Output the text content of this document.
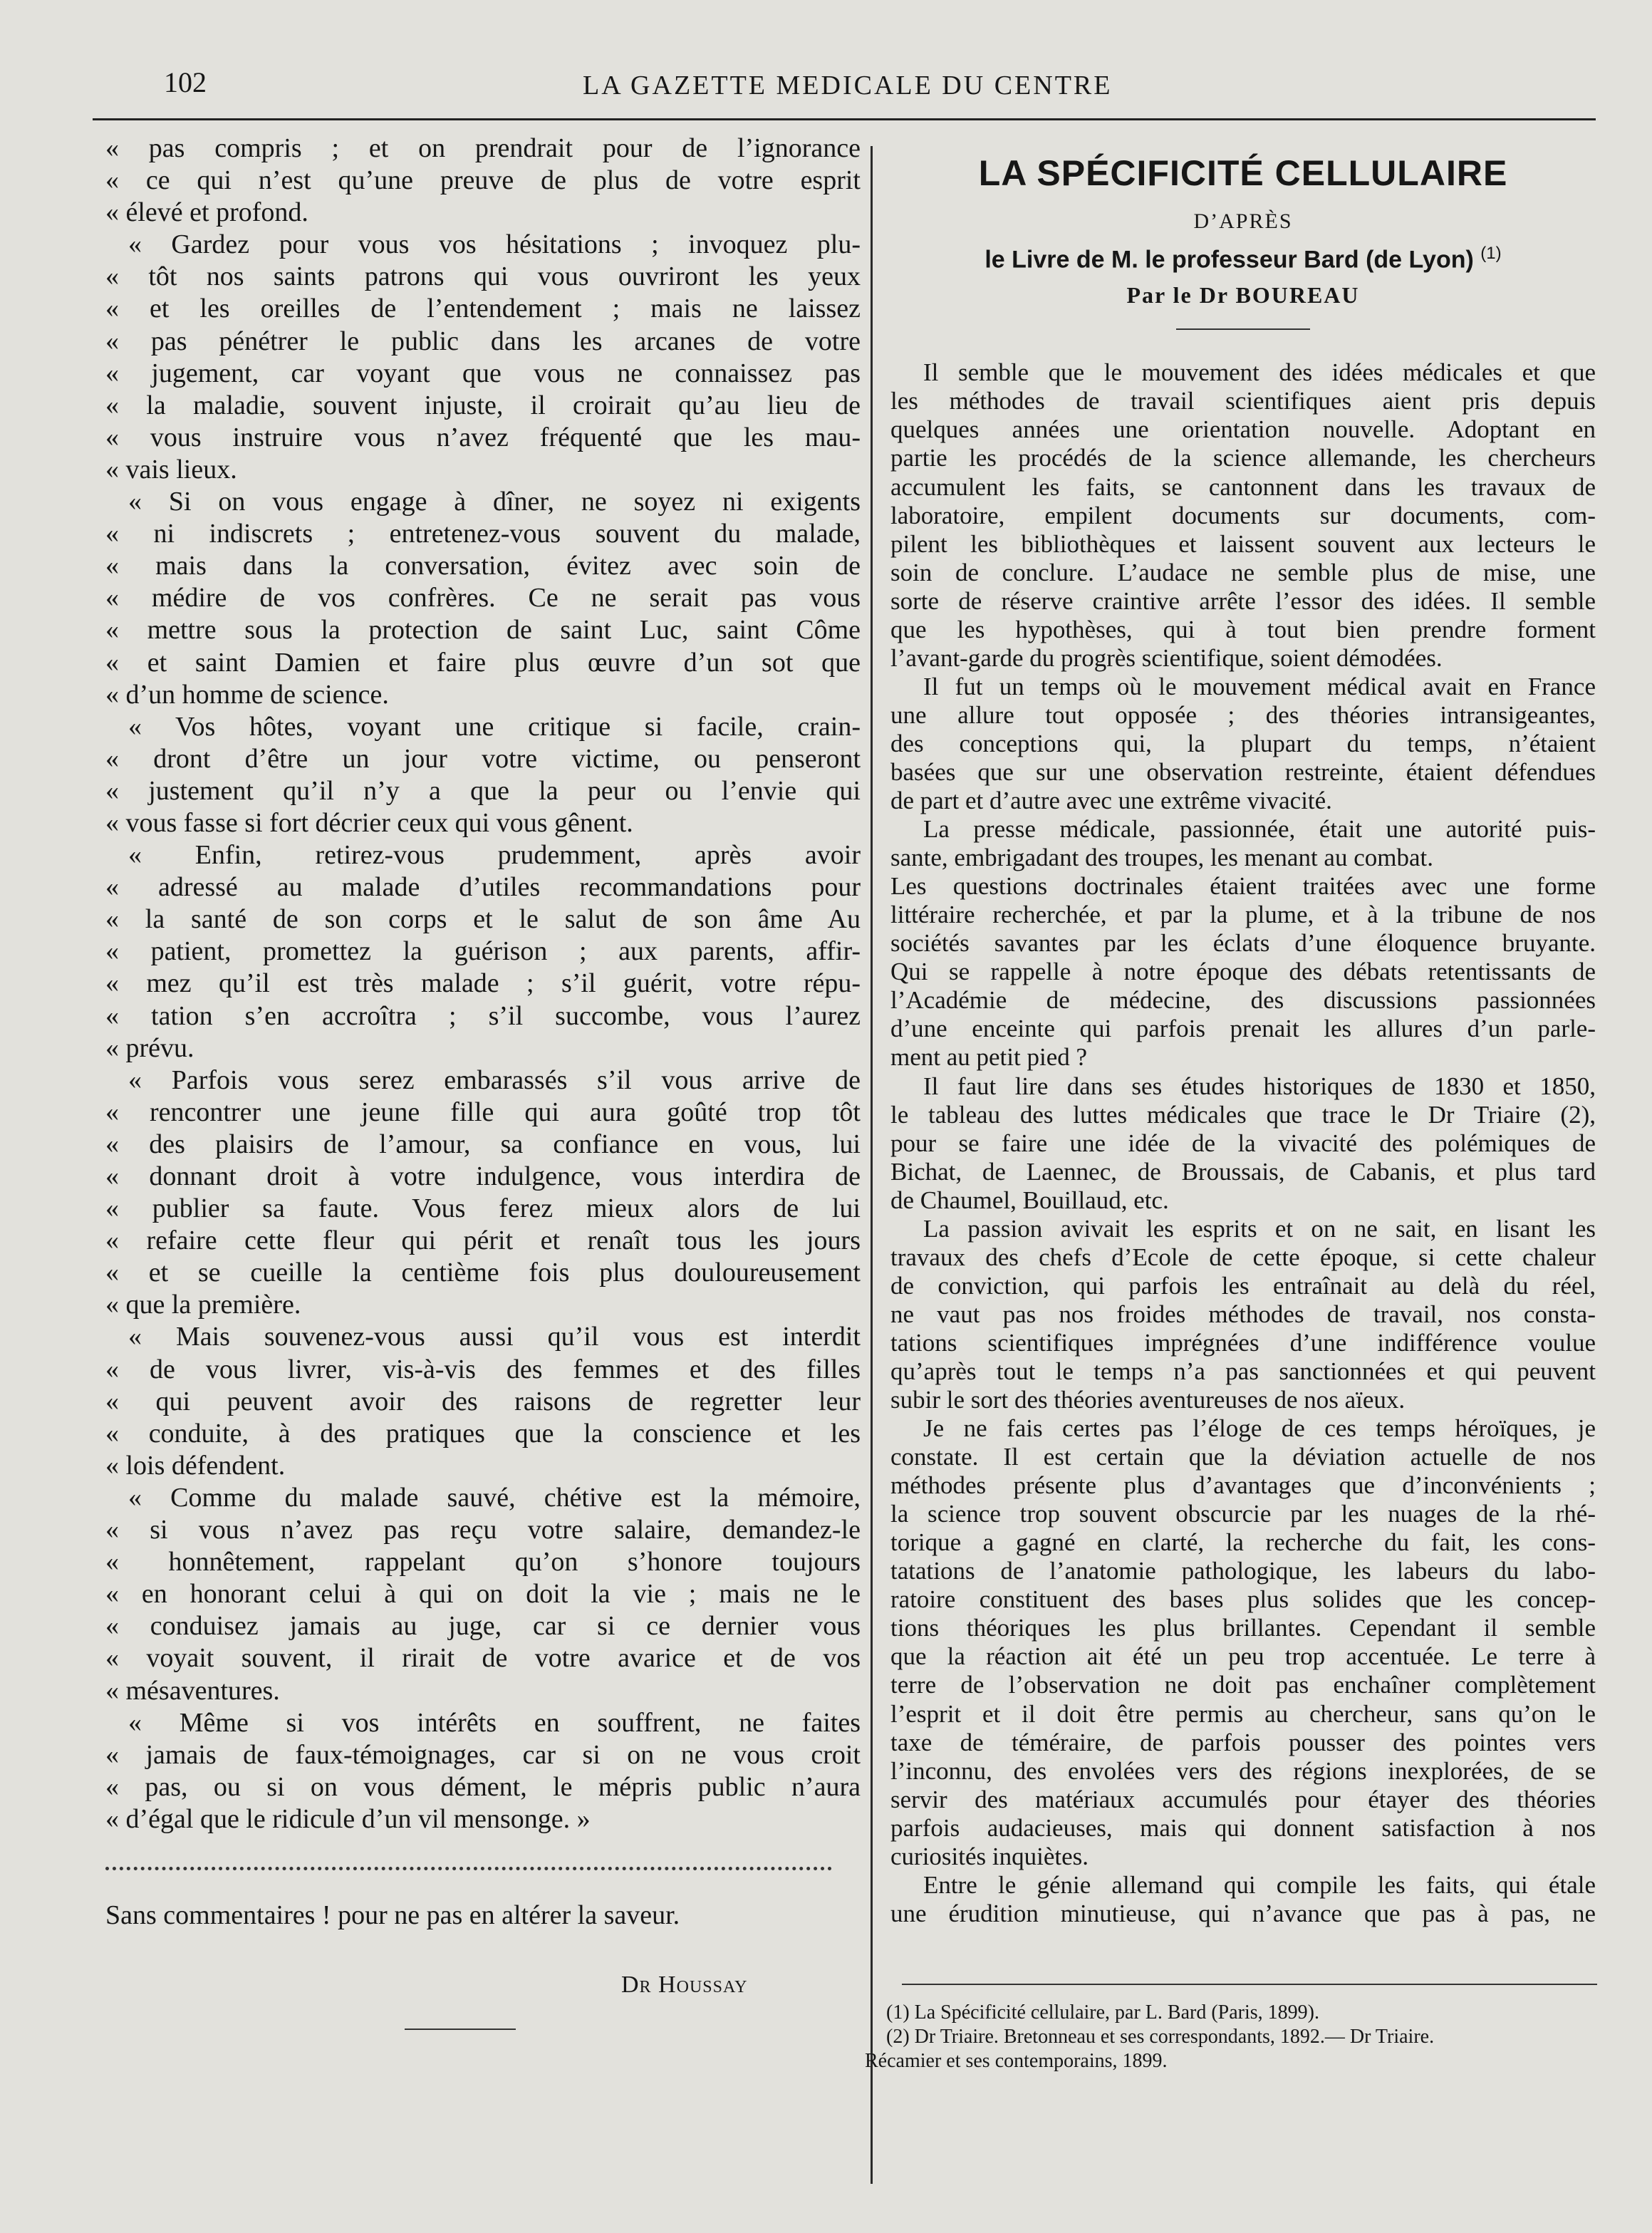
102	LA GAZETTE MEDICALE DU CENTRE
« pas compris ; et on prendrait pour de l’ignorance
« ce qui n’est qu’une preuve de plus de votre esprit
« élevé et profond.
« Gardez pour vous vos hésitations ; invoquez plu-
« tôt nos saints patrons qui vous ouvriront les yeux
« et les oreilles de l’entendement ; mais ne laissez
« pas pénétrer le public dans les arcanes de votre
« jugement, car voyant que vous ne connaissez pas
« la maladie, souvent injuste, il croirait qu’au lieu de
« vous instruire vous n’avez fréquenté que les mau-
« vais lieux.
« Si on vous engage à dîner, ne soyez ni exigents
« ni indiscrets ; entretenez-vous souvent du malade,
« mais dans la conversation, évitez avec soin de
« médire de vos confrères. Ce ne serait pas vous
« mettre sous la protection de saint Luc, saint Côme
« et saint Damien et faire plus œuvre d’un sot que
« d’un homme de science.
« Vos hôtes, voyant une critique si facile, crain-
« dront d’être un jour votre victime, ou penseront
« justement qu’il n’y a que la peur ou l’envie qui
« vous fasse si fort décrier ceux qui vous gênent.
« Enfin, retirez-vous prudemment, après avoir
« adressé au malade d’utiles recommandations pour
« la santé de son corps et le salut de son âme Au
« patient, promettez la guérison ; aux parents, affir-
« mez qu’il est très malade ; s’il guérit, votre répu-
« tation s’en accroîtra ; s’il succombe, vous l’aurez
« prévu.
« Parfois vous serez embarassés s’il vous arrive de
« rencontrer une jeune fille qui aura goûté trop tôt
« des plaisirs de l’amour, sa confiance en vous, lui
« donnant droit à votre indulgence, vous interdira de
« publier sa faute. Vous ferez mieux alors de lui
« refaire cette fleur qui périt et renaît tous les jours
« et se cueille la centième fois plus douloureusement
« que la première.
« Mais souvenez-vous aussi qu’il vous est interdit
« de vous livrer, vis-à-vis des femmes et des filles
« qui peuvent avoir des raisons de regretter leur
« conduite, à des pratiques que la conscience et les
« lois défendent.
« Comme du malade sauvé, chétive est la mémoire,
« si vous n’avez pas reçu votre salaire, demandez-le
« honnêtement, rappelant qu’on s’honore toujours
« en honorant celui à qui on doit la vie ; mais ne le
« conduisez jamais au juge, car si ce dernier vous
« voyait souvent, il rirait de votre avarice et de vos
« mésaventures.
« Même si vos intérêts en souffrent, ne faites
« jamais de faux-témoignages, car si on ne vous croit
« pas, ou si on vous dément, le mépris public n’aura
« d’égal que le ridicule d’un vil mensonge. »
Sans commentaires ! pour ne pas en altérer la saveur.
Dr Houssay
LA SPÉCIFICITÉ CELLULAIRE
D’APRÈS
le Livre de M. le professeur Bard (de Lyon) $^{(1)}$
Par le Dr BOUREAU
Il semble que le mouvement des idées médicales et que
les méthodes de travail scientifiques aient pris depuis
quelques années une orientation nouvelle. Adoptant en
partie les procédés de la science allemande, les chercheurs
accumulent les faits, se cantonnent dans les travaux de
laboratoire, empilent documents sur documents, com-
pilent les bibliothèques et laissent souvent aux lecteurs le
soin de conclure. L’audace ne semble plus de mise, une
sorte de réserve craintive arrête l’essor des idées. Il semble
que les hypothèses, qui à tout bien prendre forment
l’avant-garde du progrès scientifique, soient démodées.
Il fut un temps où le mouvement médical avait en France
une allure tout opposée ; des théories intransigeantes,
des conceptions qui, la plupart du temps, n’étaient
basées que sur une observation restreinte, étaient défendues
de part et d’autre avec une extrême vivacité.
La presse médicale, passionnée, était une autorité puis-
sante, embrigadant des troupes, les menant au combat.
Les questions doctrinales étaient traitées avec une forme
littéraire recherchée, et par la plume, et à la tribune de nos
sociétés savantes par les éclats d’une éloquence bruyante.
Qui se rappelle à notre époque des débats retentissants de
l’Académie de médecine, des discussions passionnées
d’une enceinte qui parfois prenait les allures d’un parle-
ment au petit pied ?
Il faut lire dans ses études historiques de 1830 et 1850,
le tableau des luttes médicales que trace le Dr Triaire (2),
pour se faire une idée de la vivacité des polémiques de
Bichat, de Laennec, de Broussais, de Cabanis, et plus tard
de Chaumel, Bouillaud, etc.
La passion avivait les esprits et on ne sait, en lisant les
travaux des chefs d’Ecole de cette époque, si cette chaleur
de conviction, qui parfois les entraînait au delà du réel,
ne vaut pas nos froides méthodes de travail, nos consta-
tations scientifiques imprégnées d’une indifférence voulue
qu’après tout le temps n’a pas sanctionnées et qui peuvent
subir le sort des théories aventureuses de nos aïeux.
Je ne fais certes pas l’éloge de ces temps héroïques, je
constate. Il est certain que la déviation actuelle de nos
méthodes présente plus d’avantages que d’inconvénients ;
la science trop souvent obscurcie par les nuages de la rhé-
torique a gagné en clarté, la recherche du fait, les cons-
tatations de l’anatomie pathologique, les labeurs du labo-
ratoire constituent des bases plus solides que les concep-
tions théoriques les plus brillantes. Cependant il semble
que la réaction ait été un peu trop accentuée. Le terre à
terre de l’observation ne doit pas enchaîner complètement
l’esprit et il doit être permis au chercheur, sans qu’on le
taxe de téméraire, de parfois pousser des pointes vers
l’inconnu, des envolées vers des régions inexplorées, de se
servir des matériaux accumulés pour étayer des théories
parfois audacieuses, mais qui donnent satisfaction à nos
curiosités inquiètes.
Entre le génie allemand qui compile les faits, qui étale
une érudition minutieuse, qui n’avance que pas à pas, ne
(1) La Spécificité cellulaire, par L. Bard (Paris, 1899).
(2) Dr Triaire. Bretonneau et ses correspondants, 1892.— Dr Triaire.
Récamier et ses contemporains, 1899.
